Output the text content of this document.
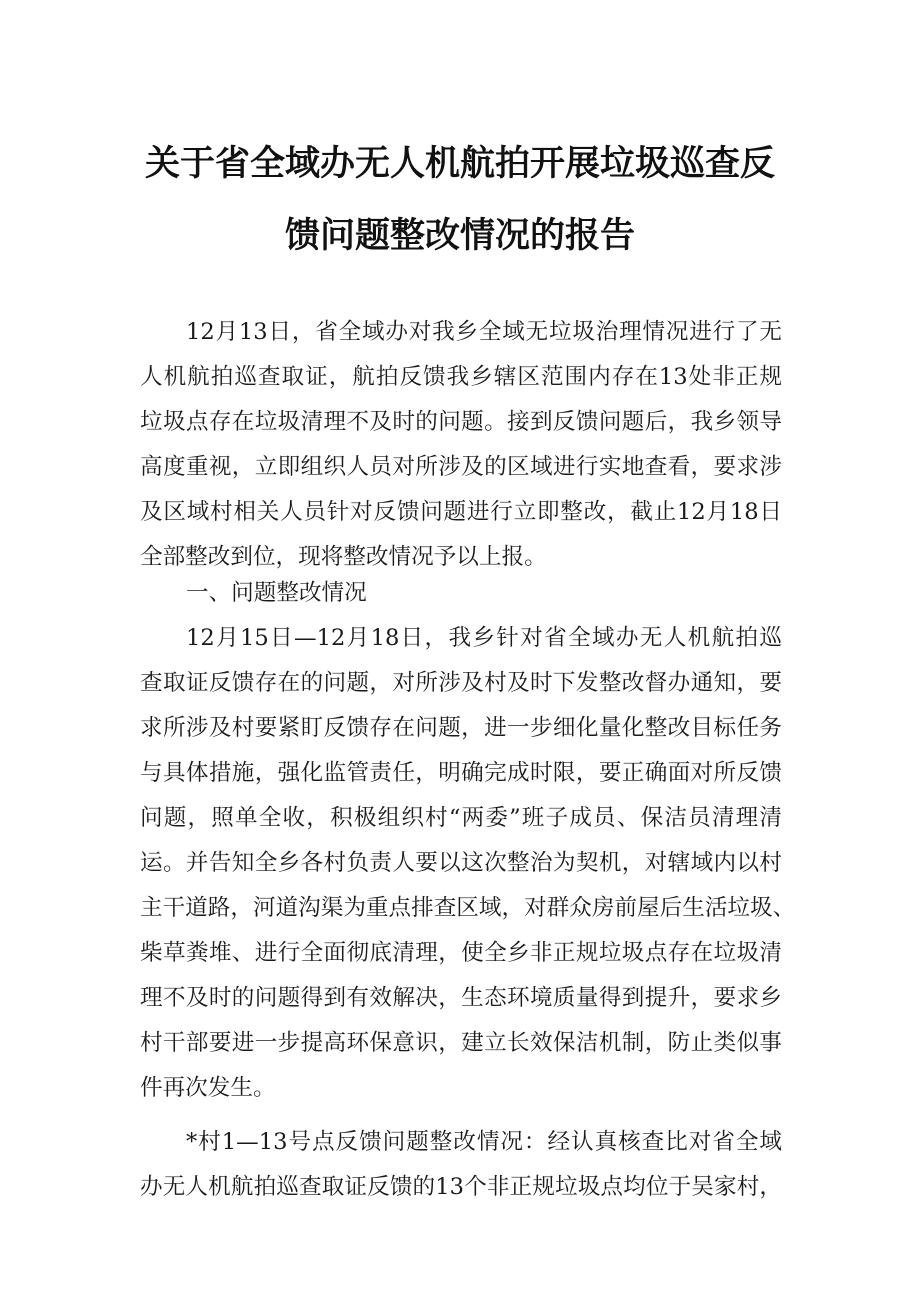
关于省全域办无人机航拍开展垃圾巡查反
馈问题整改情况的报告
12月13日，省全域办对我乡全域无垃圾治理情况进行了无
人机航拍巡查取证，航拍反馈我乡辖区范围内存在13处非正规
垃圾点存在垃圾清理不及时的问题。接到反馈问题后，我乡领导
高度重视，立即组织人员对所涉及的区域进行实地查看，要求涉
及区域村相关人员针对反馈问题进行立即整改，截止12月18日
全部整改到位，现将整改情况予以上报。
一、问题整改情况
12月15日—12月18日，我乡针对省全域办无人机航拍巡
查取证反馈存在的问题，对所涉及村及时下发整改督办通知，要
求所涉及村要紧盯反馈存在问题，进一步细化量化整改目标任务
与具体措施，强化监管责任，明确完成时限，要正确面对所反馈
问题，照单全收，积极组织村“两委”班子成员、保洁员清理清
运。并告知全乡各村负责人要以这次整治为契机，对辖域内以村
主干道路，河道沟渠为重点排查区域，对群众房前屋后生活垃圾、
柴草粪堆、进行全面彻底清理，使全乡非正规垃圾点存在垃圾清
理不及时的问题得到有效解决，生态环境质量得到提升，要求乡
村干部要进一步提高环保意识，建立长效保洁机制，防止类似事
件再次发生。
*村1—13号点反馈问题整改情况：经认真核查比对省全域
办无人机航拍巡查取证反馈的13个非正规垃圾点均位于吴家村，
